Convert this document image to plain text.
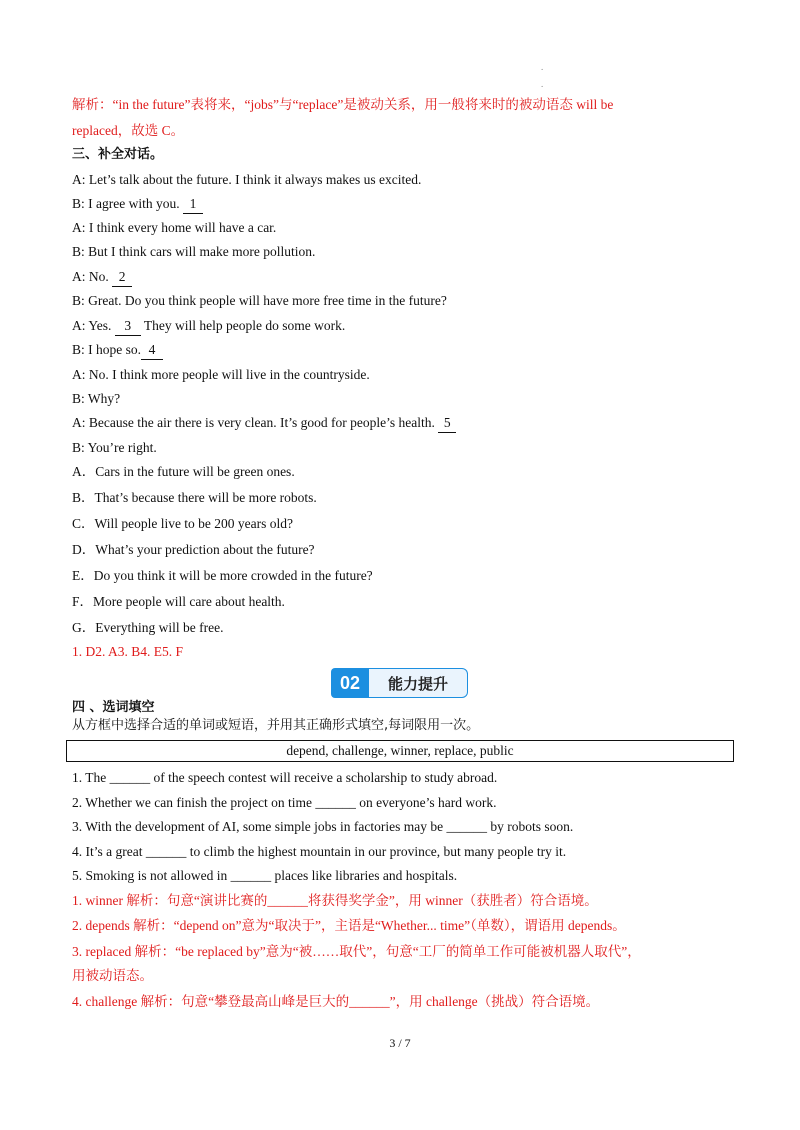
.
.
解析：“in the future”表将来，“jobs”与“replace”是被动关系，用一般将来时的被动语态 will be
replaced，故选 C。
三、补全对话。
A: Let’s talk about the future. I think it always makes us excited.
B: I agree with you. 1
A: I think every home will have a car.
B: But I think cars will make more pollution.
A: No. 2
B: Great. Do you think people will have more free time in the future?
A: Yes. 3 They will help people do some work.
B: I hope so. 4
A: No. I think more people will live in the countryside.
B: Why?
A: Because the air there is very clean. It’s good for people’s health. 5
B: You’re right.
A．Cars in the future will be green ones.
B．That’s because there will be more robots.
C．Will people live to be 200 years old?
D．What’s your prediction about the future?
E．Do you think it will be more crowded in the future?
F．More people will care about health.
G．Everything will be free.
1. D2. A3. B4. E5. F
02	能力提升
四 、选词填空
从方框中选择合适的单词或短语，并用其正确形式填空,每词限用一次。
depend, challenge, winner, replace, public
1. The ______ of the speech contest will receive a scholarship to study abroad.
2. Whether we can finish the project on time ______ on everyone’s hard work.
3. With the development of AI, some simple jobs in factories may be ______ by robots soon.
4. It’s a great ______ to climb the highest mountain in our province, but many people try it.
5. Smoking is not allowed in ______ places like libraries and hospitals.
1. winner 解析：句意“演讲比赛的______将获得奖学金”，用 winner（获胜者）符合语境。
2. depends 解析：“depend on”意为“取决于”，主语是“Whether... time”（单数），谓语用 depends。
3. replaced 解析：“be replaced by”意为“被……取代”，句意“工厂的简单工作可能被机器人取代”，
用被动语态。
4. challenge 解析：句意“攀登最高山峰是巨大的______”，用 challenge（挑战）符合语境。
3 / 7
